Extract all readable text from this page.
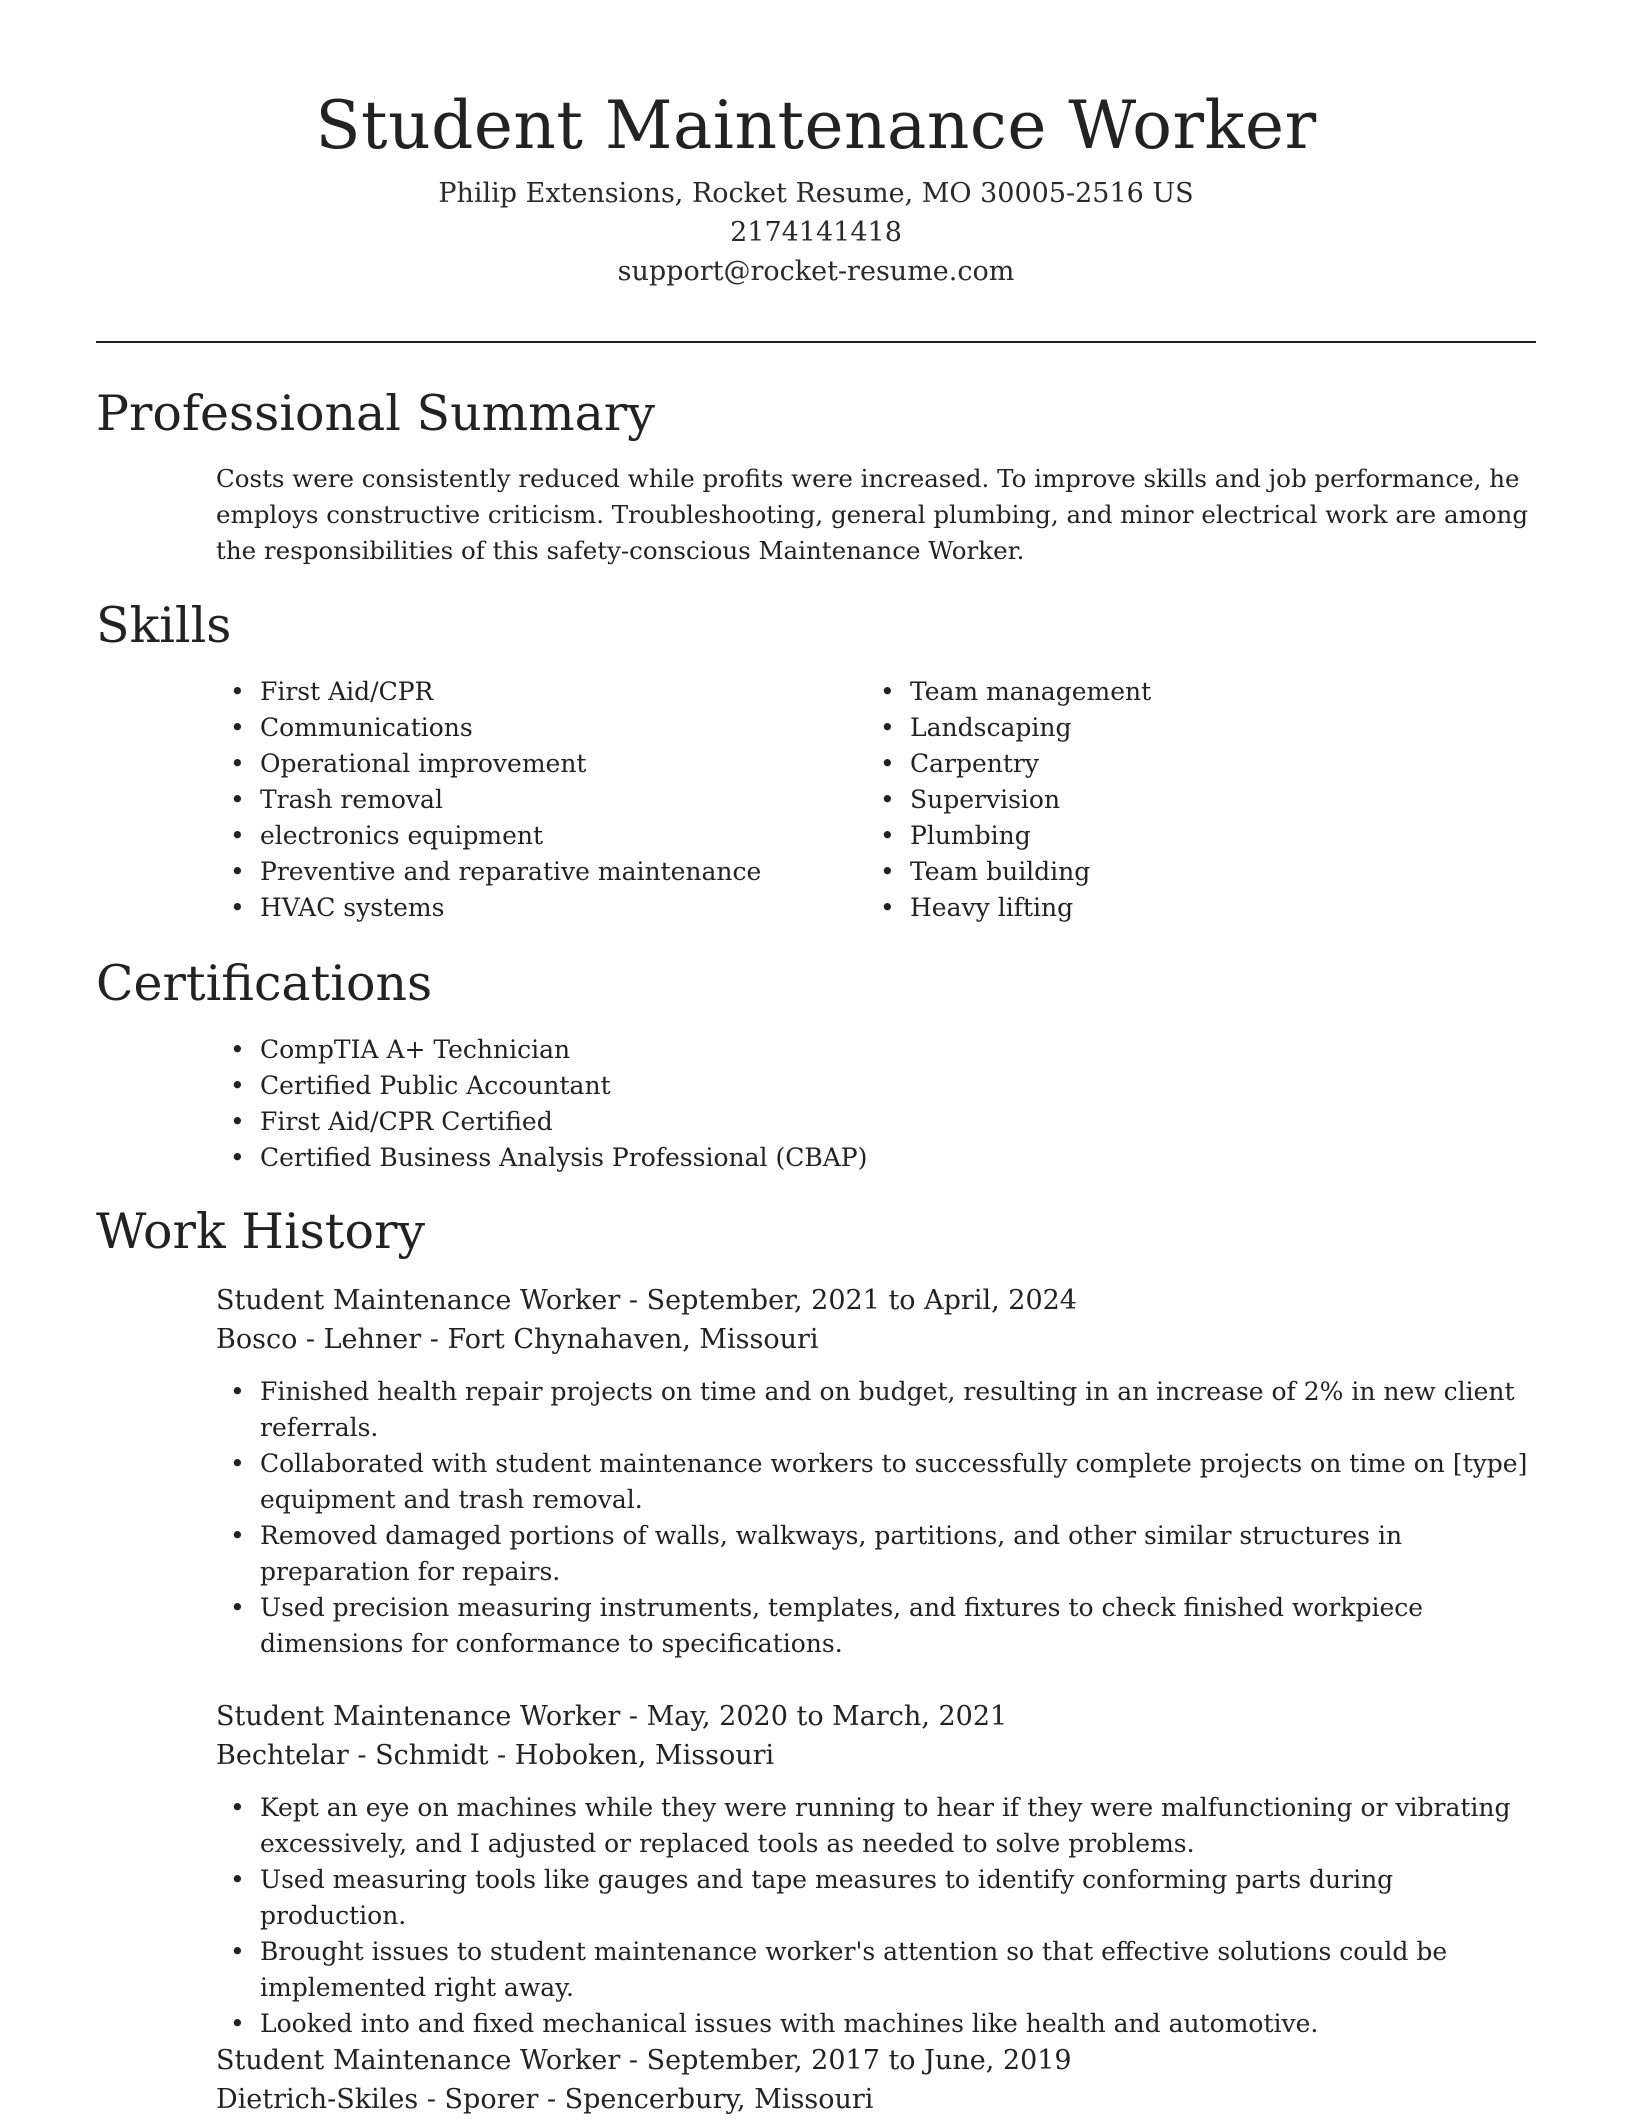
Student Maintenance Worker
Philip Extensions, Rocket Resume, MO 30005-2516 US
2174141418
support@rocket-resume.com
Professional Summary

Costs were consistently reduced while profits were increased. To improve skills and job performance, he employs constructive criticism. Troubleshooting, general plumbing, and minor electrical work are among the responsibilities of this safety-conscious Maintenance Worker.

Skills
• First Aid/CPR
• Communications
• Operational improvement
• Trash removal
• electronics equipment
• Preventive and reparative maintenance
• HVAC systems
• Team management
• Landscaping
• Carpentry
• Supervision
• Plumbing
• Team building
• Heavy lifting
Certifications
• CompTIA A+ Technician
• Certified Public Accountant
• First Aid/CPR Certified
• Certified Business Analysis Professional (CBAP)
Work History
Student Maintenance Worker - September, 2021 to April, 2024
Bosco - Lehner - Fort Chynahaven, Missouri
• Finished health repair projects on time and on budget, resulting in an increase of 2% in new client referrals.
• Collaborated with student maintenance workers to successfully complete projects on time on [type] equipment and trash removal.
• Removed damaged portions of walls, walkways, partitions, and other similar structures in preparation for repairs.
• Used precision measuring instruments, templates, and fixtures to check finished workpiece dimensions for conformance to specifications.
Student Maintenance Worker - May, 2020 to March, 2021
Bechtelar - Schmidt - Hoboken, Missouri
• Kept an eye on machines while they were running to hear if they were malfunctioning or vibrating excessively, and I adjusted or replaced tools as needed to solve problems.
• Used measuring tools like gauges and tape measures to identify conforming parts during production.
• Brought issues to student maintenance worker's attention so that effective solutions could be implemented right away.
• Looked into and fixed mechanical issues with machines like health and automotive.
Student Maintenance Worker - September, 2017 to June, 2019
Dietrich-Skiles - Sporer - Spencerbury, Missouri
